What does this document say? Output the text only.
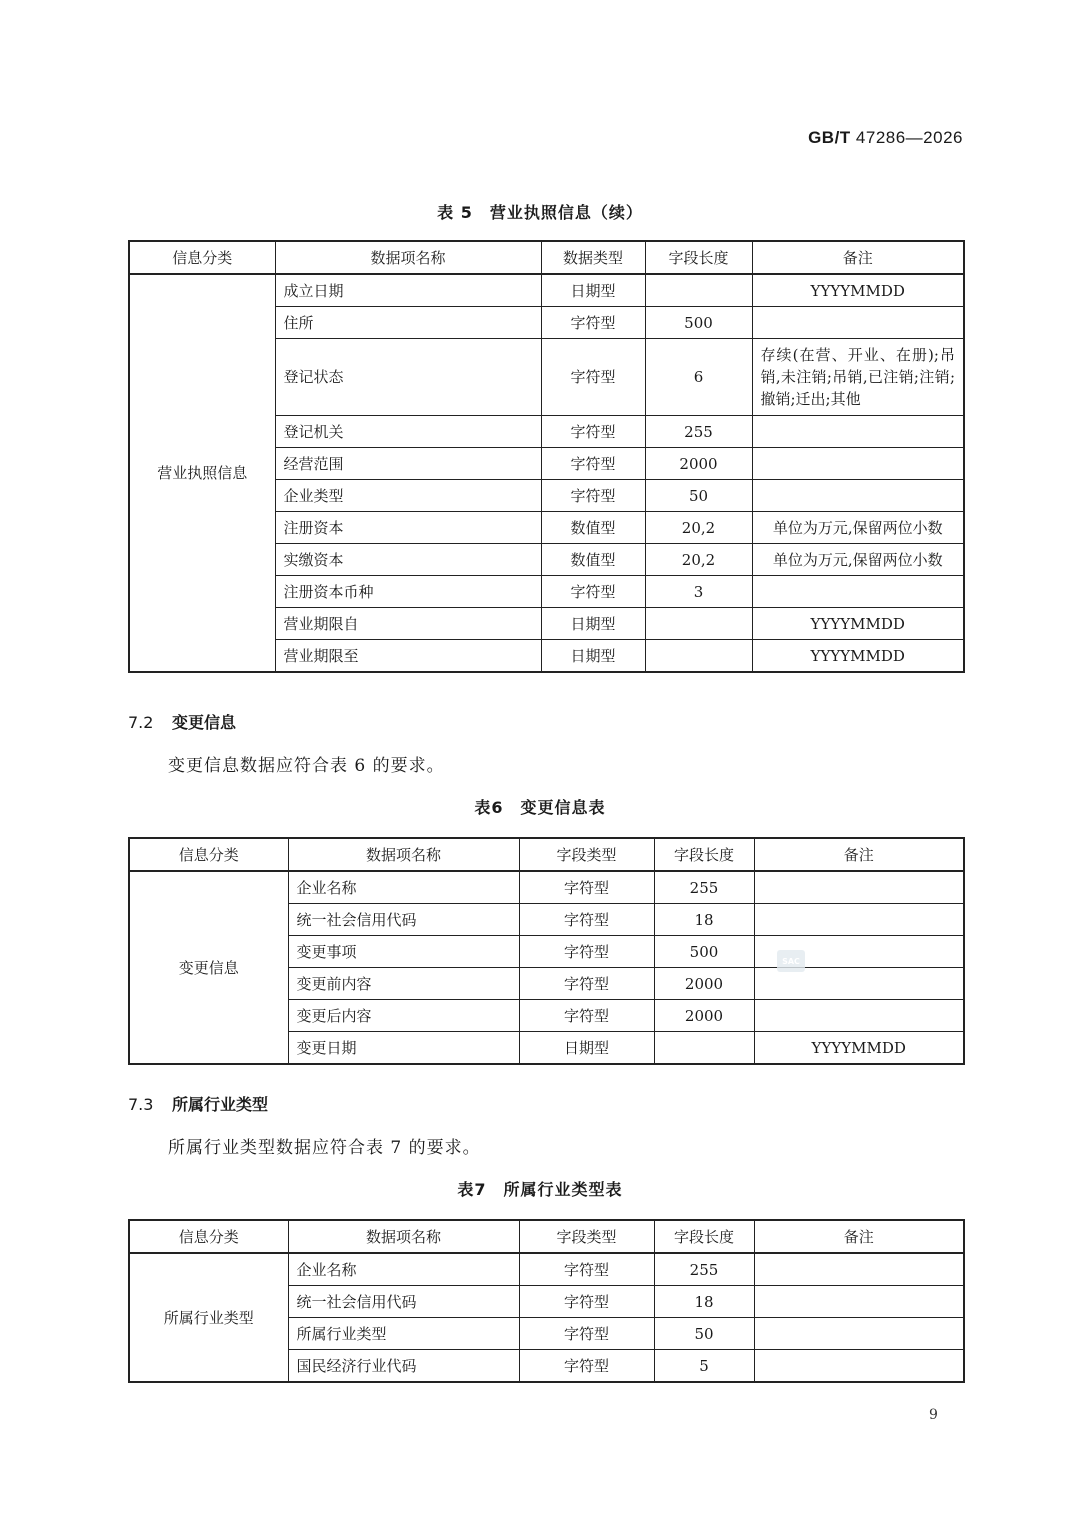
GB/T 47286—2026
表 5　营业执照信息（续）
信息分类	数据项名称	数据类型	字段长度	备注
营业执照信息	成立日期	日期型		YYYYMMDD
	住所	字符型	500	
	登记状态	字符型	6	存续(在营、开业、在册);吊销,未注销;吊销,已注销;注销;撤销;迁出;其他
	登记机关	字符型	255	
	经营范围	字符型	2000	
	企业类型	字符型	50	
	注册资本	数值型	20,2	单位为万元,保留两位小数
	实缴资本	数值型	20,2	单位为万元,保留两位小数
	注册资本币种	字符型	3	
	营业期限自	日期型		YYYYMMDD
	营业期限至	日期型		YYYYMMDD
7.2 变更信息
变更信息数据应符合表 6 的要求。
表6　变更信息表
信息分类	数据项名称	字段类型	字段长度	备注
变更信息	企业名称	字符型	255	
	统一社会信用代码	字符型	18	
	变更事项	字符型	500	
	变更前内容	字符型	2000	
	变更后内容	字符型	2000	
	变更日期	日期型		YYYYMMDD
SAC
7.3 所属行业类型
所属行业类型数据应符合表 7 的要求。
表7　所属行业类型表
信息分类	数据项名称	字段类型	字段长度	备注
所属行业类型	企业名称	字符型	255	
	统一社会信用代码	字符型	18	
	所属行业类型	字符型	50	
	国民经济行业代码	字符型	5	
9
